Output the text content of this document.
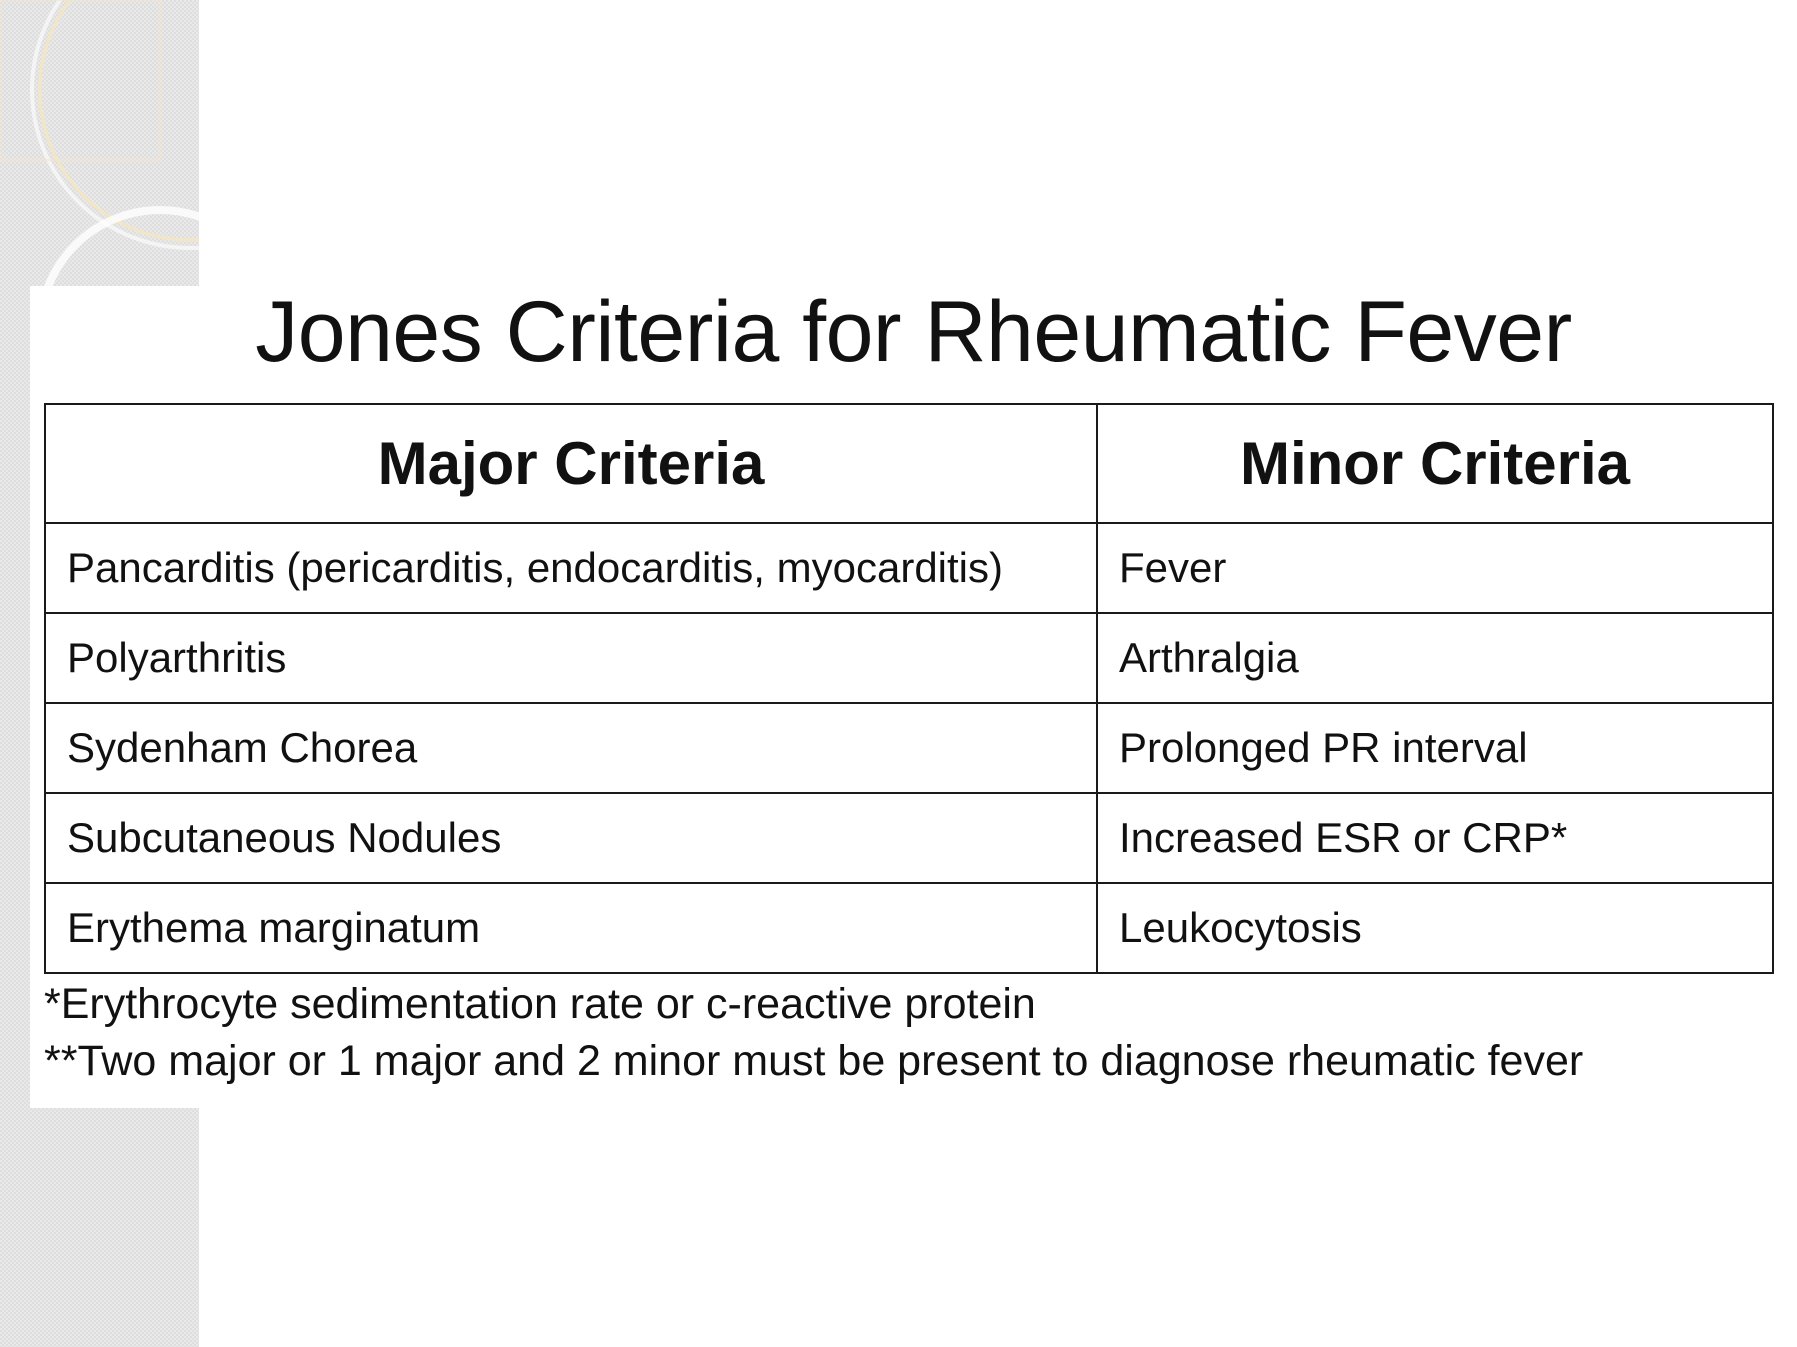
Jones Criteria for Rheumatic Fever
Major Criteria	Minor Criteria
Pancarditis (pericarditis, endocarditis, myocarditis)	Fever
Polyarthritis	Arthralgia
Sydenham Chorea	Prolonged PR interval
Subcutaneous Nodules	Increased ESR or CRP*
Erythema marginatum	Leukocytosis
*Erythrocyte sedimentation rate or c-reactive protein
**Two major or 1 major and 2 minor must be present to diagnose rheumatic fever
